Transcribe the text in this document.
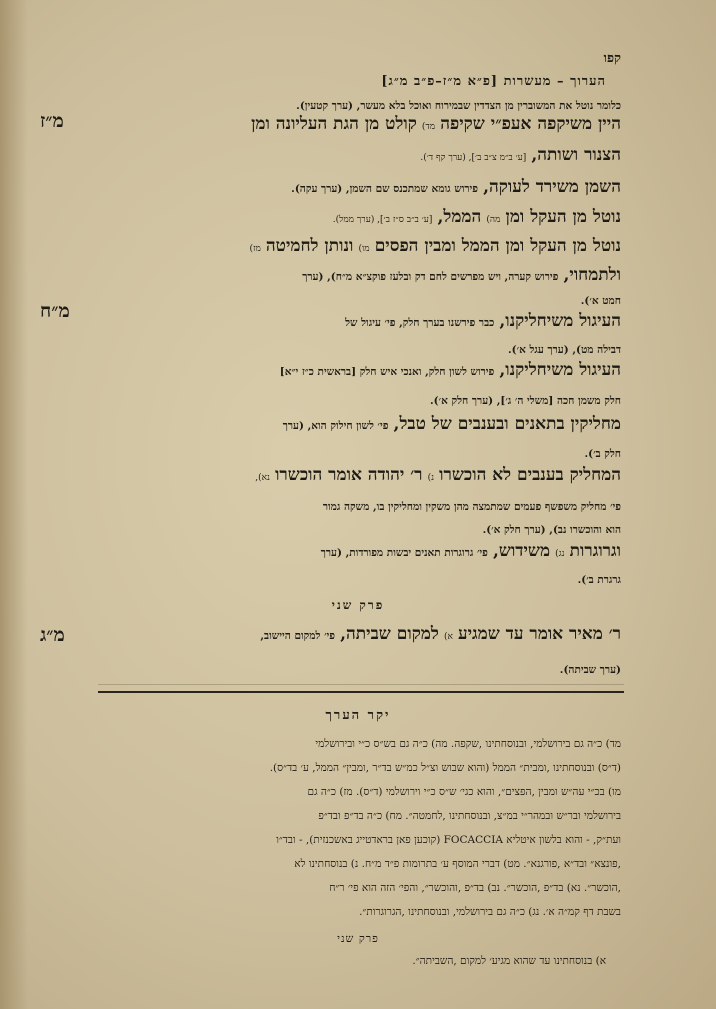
קפו
הערוך – מעשרות [פ״א מ״ז–פ״ב מ״ג]
מ״ז
מ״ח
מ״ג
כלומר נוטל את המשוברין מן הצדדין שבמירוח ואוכל בלא מעשר, (ערך קטעין).
היין משיקפה אעפ״י שקיפה מד) קולט מן הגת העליונה ומן
הצנור ושותה, [ע׳ ב״מ צ״ב ב׳], (ערך קף ד׳).
השמן משירד לעוקה, פירוש גומא שמתכנס שם השמן, (ערך עקה).
נוטל מן העקל ומן מה) הממל, [ע׳ ב״ב ס״ז ב׳], (ערך ממל).
נוטל מן העקל ומן הממל ומבין הפסים מו) ונותן לחמיטה מז)
ולתמחוי, פירוש קערה, ויש מפרשים לחם דק ובלעז פוקצ״א מ״ח), (ערך
חמט א׳).
העיגול משיחליקנו, כבר פירשנו בערך חלק, פי׳ עיגול של
דבילה מט), (ערך עגל א׳).
העיגול משיחליקנו, פירוש לשון חלק, ואנכי איש חלק [בראשית כ״ז י״א]
חלק משמן חכה [משלי ה׳ ג׳], (ערך חלק א׳).
מחליקין בתאנים ובענבים של טבל, פי׳ לשון חילוק הוא, (ערך
חלק ב׳).
המחליק בענבים לא הוכשרו נ) ר׳ יהודה אומר הוכשרו נא),
פי׳ מחליק משפשף פעמים שמתמצה מהן משקין ומחליקין בו, משקה גמור
הוא והוכשרו נב), (ערך חלק א׳).
וגרוגרות נג) משידוש, פי׳ גרוגרות תאנים יבשות מפורדות, (ערך
גרגרת ב׳).
פרק שני
ר׳ מאיר אומר עד שמגיע א) למקום שביתה, פי׳ למקום היישוב,
(ערך שביתה).
יקר הערך
מד) כ״ה גם בירושלמי, ובנוסחתינו ,שקפה. מה) כ״ה גם בש״ס כ״י ובירושלמי
(ד״ס) ובנוסחתינו ,ומבית״ הממל (והוא שבוש וצ״ל כמ״ש בד״ר ,ומבין״ הממל, ע׳ בד״ס).
מו) בכ״י עה״ש ומבין ,הפצים״, והוא כגי׳ ש״ס כ״י וירושלמי (ד״ס). מז) כ״ה גם
בירושלמי ובר״ש ובמהר״י במ״צ, ובנוסחתינו ,לחמטה״. מח) כ״ה בד״פ ובד״פ
ועת״ק, - והוא בלשון איטליא FOCACCIA (קוכען פאן בראדטייג באשכנזית), - ובד״ו
,פונצא״ ובד״א ,פורגנא״. מט) דברי המוסף ע׳ בתרומות פ״ד מ״ח. נ) בנוסחתינו לא
,הוכשר״. נא) בד״פ ,הוכשר״. נב) בד״פ ,והוכשר״, והפי׳ הזה הוא פי׳ ר״ח
בשבת דף קמ״ה א׳. נג) כ״ה גם בירושלמי, ובנוסחתינו ,הגרוגרות״.
פרק שני
א) בנוסחתינו עד שהוא מגיע׳ למקום ,השביתה״.
